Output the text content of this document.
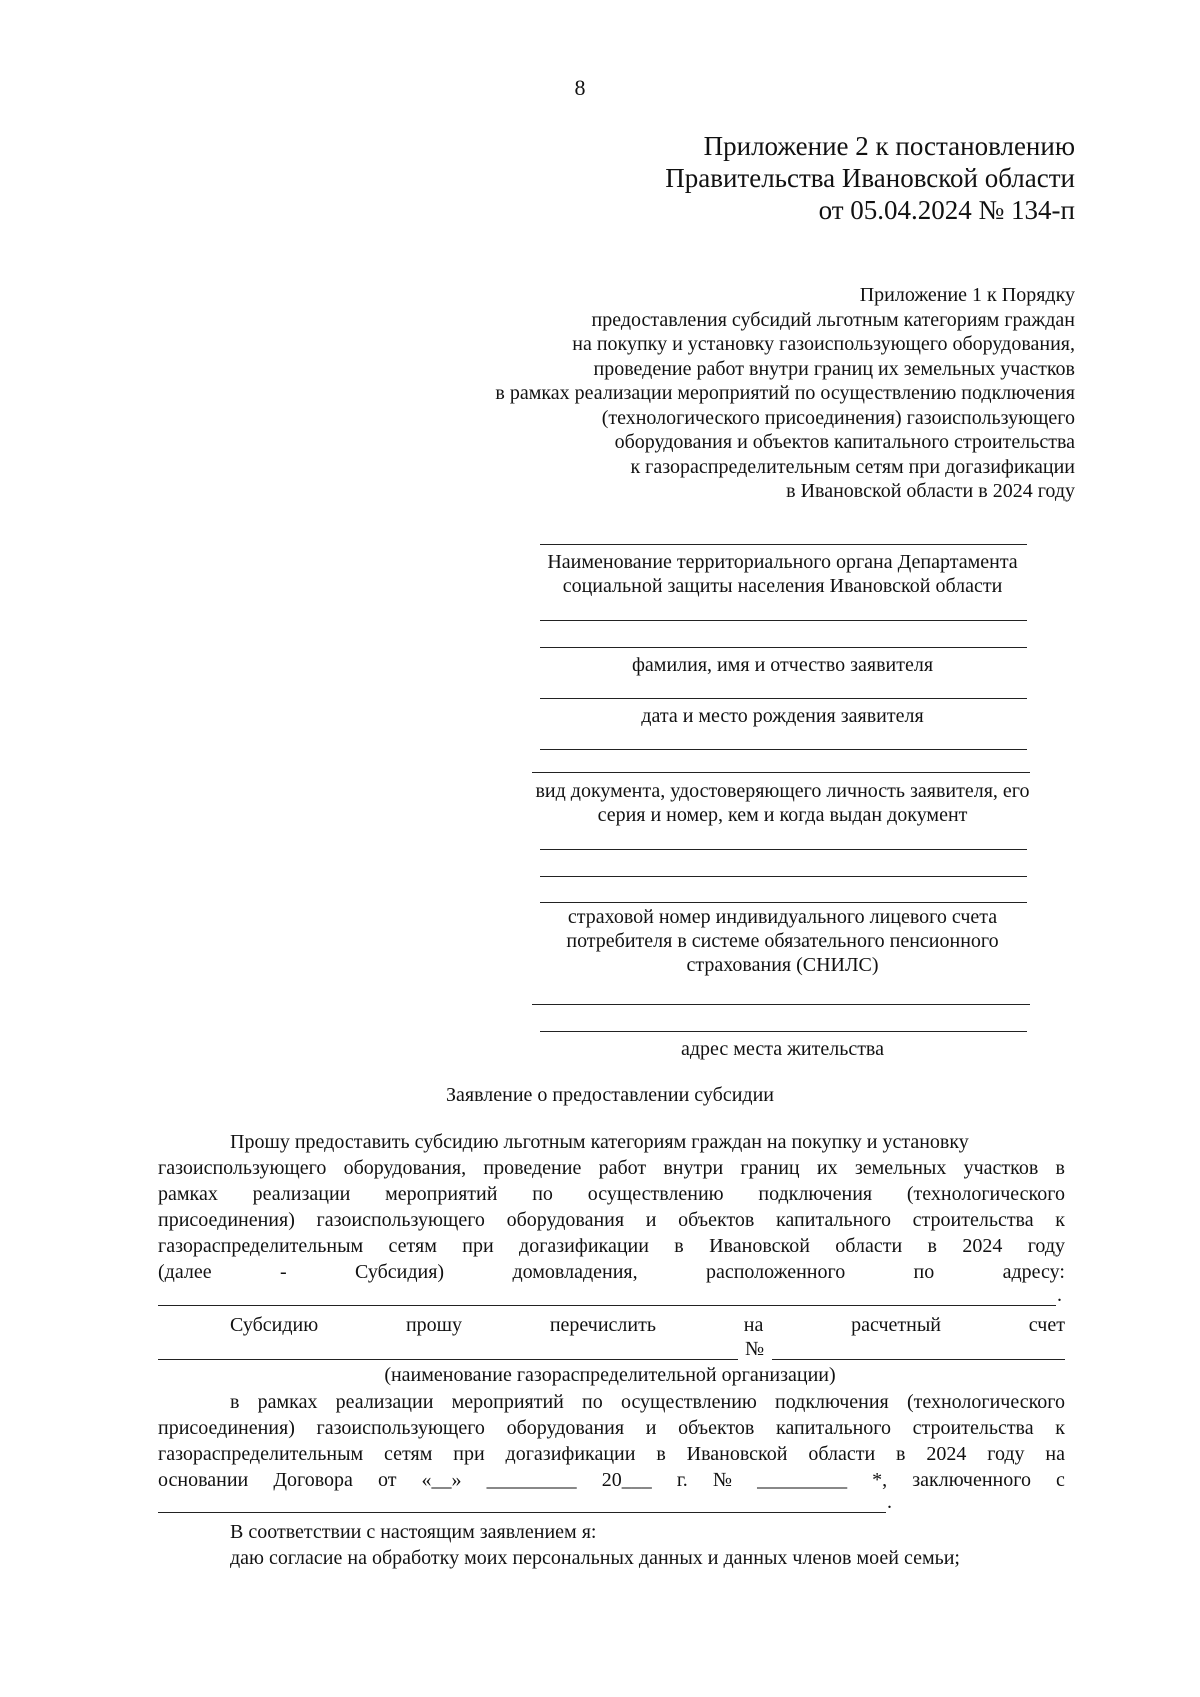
8
Приложение 2 к постановлению
Правительства Ивановской области
от 05.04.2024 № 134-п
Приложение 1 к Порядку
предоставления субсидий льготным категориям граждан
на покупку и установку газоиспользующего оборудования,
проведение работ внутри границ их земельных участков
в рамках реализации мероприятий по осуществлению подключения
(технологического присоединения) газоиспользующего
оборудования и объектов капитального строительства
к газораспределительным сетям при догазификации
в Ивановской области в 2024 году
Наименование территориального органа Департамента
социальной защиты населения Ивановской области
фамилия, имя и отчество заявителя
дата и место рождения заявителя
вид документа, удостоверяющего личность заявителя, его
серия и номер, кем и когда выдан документ
страховой номер индивидуального лицевого счета
потребителя в системе обязательного пенсионного
страхования (СНИЛС)
адрес места жительства
Заявление о предоставлении субсидии
Прошу предоставить субсидию льготным категориям граждан на покупку и установку
газоиспользующего оборудования, проведение работ внутри границ их земельных участков в
рамках реализации мероприятий по осуществлению подключения (технологического
присоединения) газоиспользующего оборудования и объектов капитального строительства к
газораспределительным сетям при догазификации в Ивановской области в 2024 году
(далее	-	Субсидия)	домовладения,	расположенного	по	адресу:
.
Субсидию	прошу	перечислить	на	расчетный	счет
№
(наименование газораспределительной организации)
в рамках реализации мероприятий по осуществлению подключения (технологического
присоединения) газоиспользующего оборудования и объектов капитального строительства к
газораспределительным сетям при догазификации в Ивановской области в 2024 году на
основании Договора от «__» _________ 20___ г. № _________ *, заключенного с
.
В соответствии с настоящим заявлением я:
даю согласие на обработку моих персональных данных и данных членов моей семьи;
